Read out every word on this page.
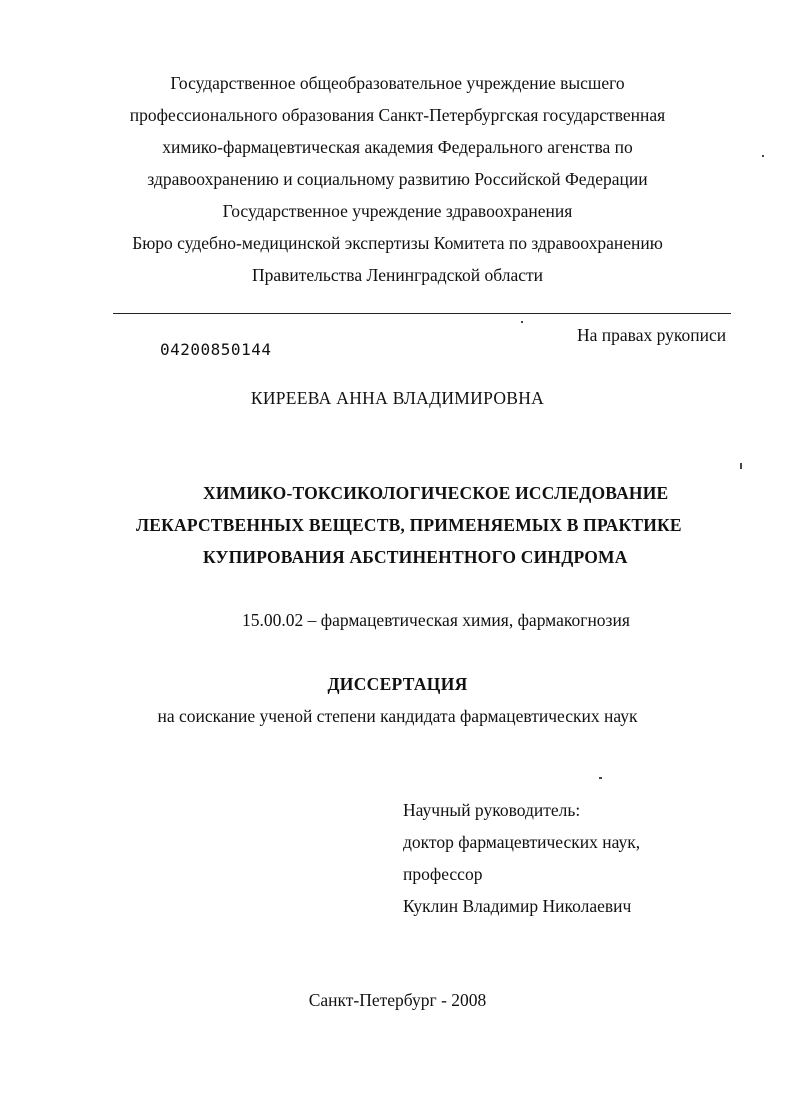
Государственное общеобразовательное учреждение высшего
профессионального образования Санкт-Петербургская государственная
химико-фармацевтическая академия Федерального агенства по
здравоохранению и социальному развитию Российской Федерации
Государственное учреждение здравоохранения
Бюро судебно-медицинской экспертизы Комитета по здравоохранению
Правительства Ленинградской области
04200850144
На правах рукописи
КИРЕЕВА АННА ВЛАДИМИРОВНА
ХИМИКО-ТОКСИКОЛОГИЧЕСКОЕ ИССЛЕДОВАНИЕ
ЛЕКАРСТВЕННЫХ ВЕЩЕСТВ, ПРИМЕНЯЕМЫХ В ПРАКТИКЕ
КУПИРОВАНИЯ АБСТИНЕНТНОГО СИНДРОМА
15.00.02 – фармацевтическая химия, фармакогнозия
ДИССЕРТАЦИЯ
на соискание ученой степени кандидата фармацевтических наук
Научный руководитель:
доктор фармацевтических наук,
профессор
Куклин Владимир Николаевич
Санкт-Петербург - 2008
